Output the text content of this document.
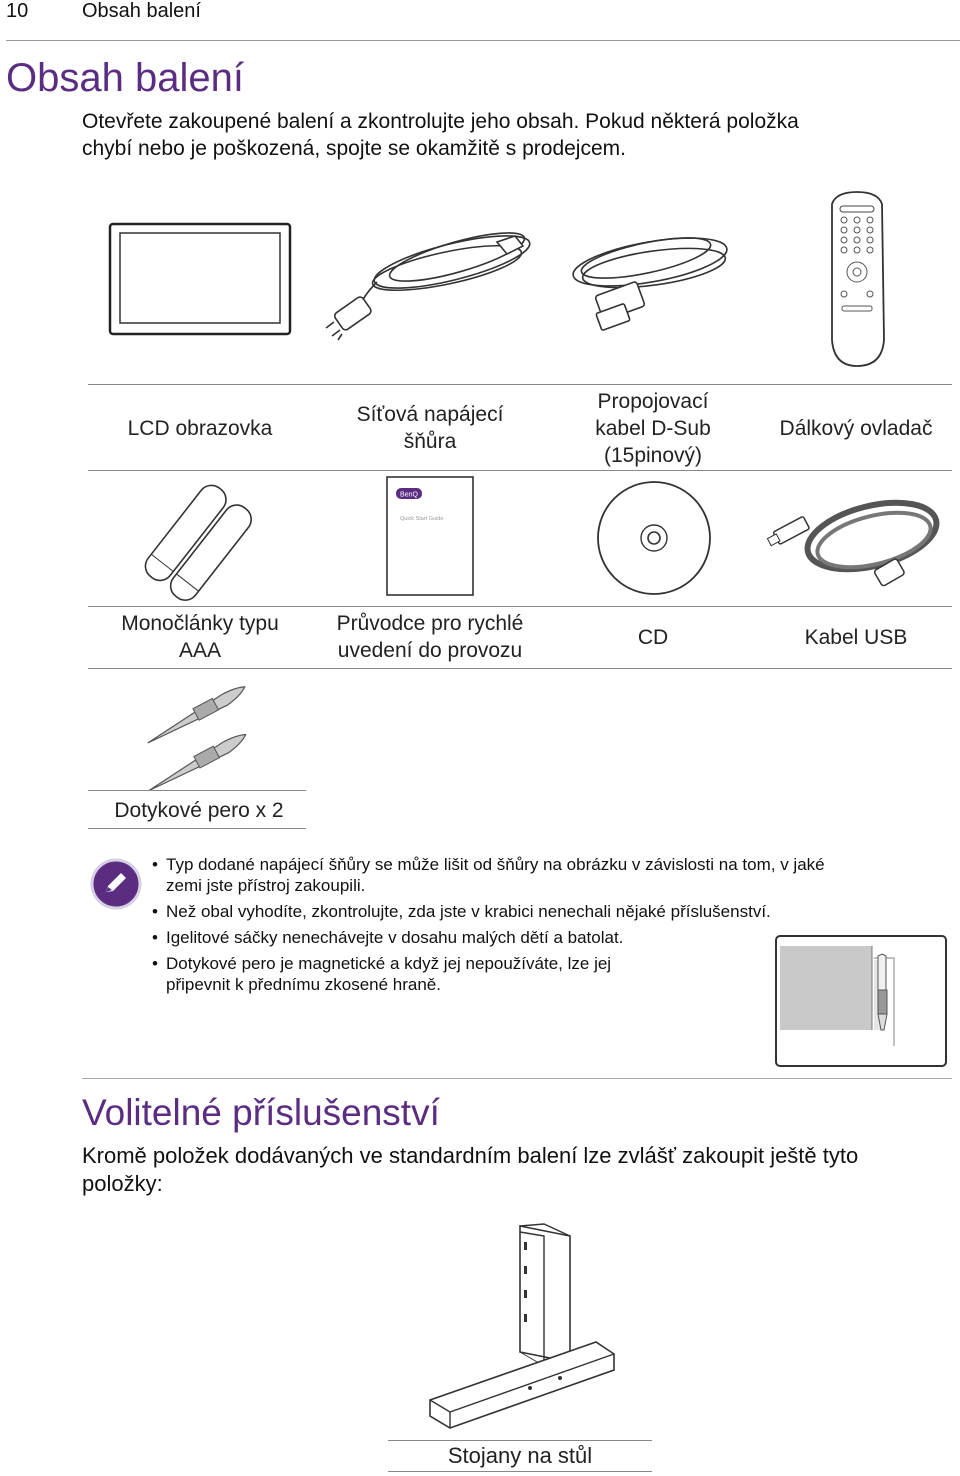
10	Obsah balení
Obsah balení
Otevřete zakoupené balení a zkontrolujte jeho obsah. Pokud některá položka
chybí nebo je poškozená, spojte se okamžitě s prodejcem.
LCD obrazovka
Síťová napájecí
šňůra
Propojovací
kabel D-Sub
(15pinový)
Dálkový ovladač
BenQ
Quick Start Guide
Monočlánky typu
AAA
Průvodce pro rychlé
uvedení do provozu
CD	Kabel USB
Dotykové pero x 2
• Typ dodané napájecí šňůry se může lišit od šňůry na obrázku v závislosti na tom, v jaké
zemi jste přístroj zakoupili.
• Než obal vyhodíte, zkontrolujte, zda jste v krabici nenechali nějaké příslušenství.
• Igelitové sáčky nenechávejte v dosahu malých dětí a batolat.
• Dotykové pero je magnetické a když jej nepoužíváte, lze jej
připevnit k přednímu zkosené hraně.
Volitelné příslušenství
Kromě položek dodávaných ve standardním balení lze zvlášť zakoupit ještě tyto
položky:
Stojany na stůl
